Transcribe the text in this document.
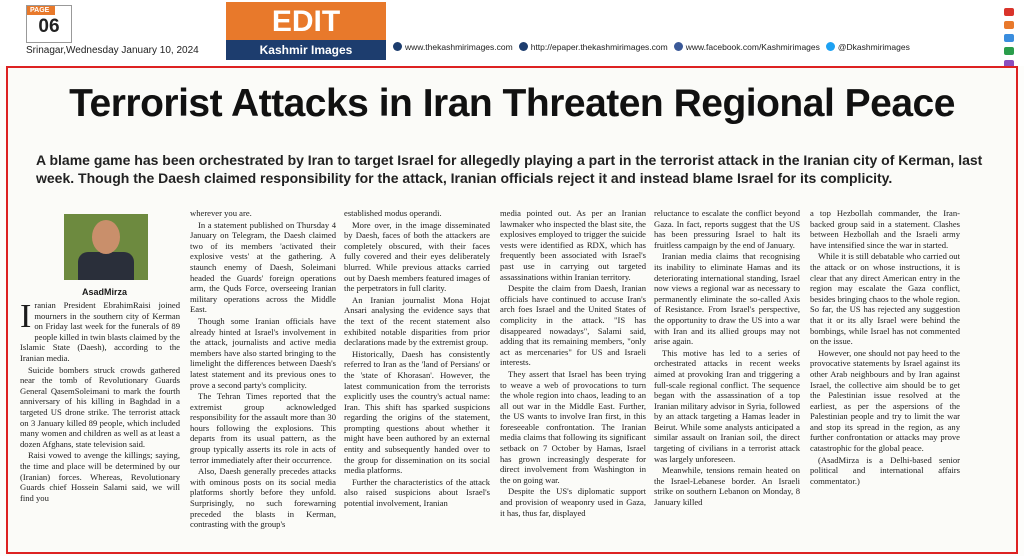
PAGE
06
Srinagar,Wednesday January 10, 2024
EDIT
Kashmir Images	www.thekashmirimages.com http://epaper.thekashmirimages.com www.facebook.com/Kashmirimages @Dkashmirimages
Terrorist Attacks in Iran Threaten Regional Peace
A blame game has been orchestrated by Iran to target Israel for allegedly playing a part in the terrorist attack in the Iranian city of Kerman, last week. Though the Daesh claimed responsibility for the attack, Iranian officials reject it and instead blame Israel for its complicity.
AsadMirza

Iranian President EbrahimRaisi joined mourners in the southern city of Kerman on Friday last week for the funerals of 89 people killed in twin blasts claimed by the Islamic State (Daesh), according to the Iranian media.

Suicide bombers struck crowds gathered near the tomb of Revolutionary Guards General QasemSoleimani to mark the fourth anniversary of his killing in Baghdad in a targeted US drone strike. The terrorist attack on 3 January killed 89 people, which included many women and children as well as at least a dozen Afghans, state television said.

Raisi vowed to avenge the killings; saying, the time and place will be determined by our (Iranian) forces. Whereas, Revolutionary Guards chief Hossein Salami said, we will find you

wherever you are.

In a statement published on Thursday 4 January on Telegram, the Daesh claimed two of its members 'activated their explosive vests' at the gathering. A staunch enemy of Daesh, Soleimani headed the Guards' foreign operations arm, the Quds Force, overseeing Iranian military operations across the Middle East.

Though some Iranian officials have already hinted at Israel's involvement in the attack, journalists and active media members have also started bringing to the limelight the differences between Daesh's latest statement and its previous ones to prove a second party's complicity.

The Tehran Times reported that the extremist group acknowledged responsibility for the assault more than 30 hours following the explosions. This departs from its usual pattern, as the group typically asserts its role in acts of terror immediately after their occurrence.

Also, Daesh generally precedes attacks with ominous posts on its social media platforms shortly before they unfold. Surprisingly, no such forewarning preceded the blasts in Kerman, contrasting with the group's

established modus operandi.

More over, in the image disseminated by Daesh, faces of both the attackers are completely obscured, with their faces fully covered and their eyes deliberately blurred. While previous attacks carried out by Daesh members featured images of the perpetrators in full clarity.

An Iranian journalist Mona Hojat Ansari analysing the evidence says that the text of the recent statement also exhibited notable disparities from prior declarations made by the extremist group.

Historically, Daesh has consistently referred to Iran as the 'land of Persians' or the 'state of Khorasan'. However, the latest communication from the terrorists explicitly uses the country's actual name: Iran. This shift has sparked suspicions regarding the origins of the statement, prompting questions about whether it might have been authored by an external entity and subsequently handed over to the group for dissemination on its social media platforms.

Further the characteristics of the attack also raised suspicions about Israel's potential involvement, Iranian

media pointed out. As per an Iranian lawmaker who inspected the blast site, the explosives employed to trigger the suicide vests were identified as RDX, which has frequently been associated with Israel's past use in carrying out targeted assassinations within Iranian territory.

Despite the claim from Daesh, Iranian officials have continued to accuse Iran's arch foes Israel and the United States of complicity in the attack. "IS has disappeared nowadays", Salami said, adding that its remaining members, "only act as mercenaries" for US and Israeli interests.

They assert that Israel has been trying to weave a web of provocations to turn the whole region into chaos, leading to an all out war in the Middle East. Further, the US wants to involve Iran first, in this foreseeable confrontation. The Iranian media claims that following its significant setback on 7 October by Hamas, Israel has grown increasingly desperate for direct involvement from Washington in the on going war.

Despite the US's diplomatic support and provision of weaponry used in Gaza, it has, thus far, displayed

reluctance to escalate the conflict beyond Gaza. In fact, reports suggest that the US has been pressuring Israel to halt its fruitless campaign by the end of January.

Iranian media claims that recognising its inability to eliminate Hamas and its deteriorating international standing, Israel now views a regional war as necessary to permanently eliminate the so-called Axis of Resistance. From Israel's perspective, the opportunity to draw the US into a war with Iran and its allied groups may not arise again.

This motive has led to a series of orchestrated attacks in recent weeks aimed at provoking Iran and triggering a full-scale regional conflict. The sequence began with the assassination of a top Iranian military advisor in Syria, followed by an attack targeting a Hamas leader in Beirut. While some analysts anticipated a similar assault on Iranian soil, the direct targeting of civilians in a terrorist attack was largely unforeseen.

Meanwhile, tensions remain heated on the Israel-Lebanese border. An Israeli strike on southern Lebanon on Monday, 8 January killed

a top Hezbollah commander, the Iran-backed group said in a statement. Clashes between Hezbollah and the Israeli army have intensified since the war in started.

While it is still debatable who carried out the attack or on whose instructions, it is clear that any direct American entry in the region may escalate the Gaza conflict, besides bringing chaos to the whole region. So far, the US has rejected any suggestion that it or its ally Israel were behind the bombings, while Israel has not commented on the issue.

However, one should not pay heed to the provocative statements by Israel against its other Arab neighbours and by Iran against Israel, the collective aim should be to get the Palestinian issue resolved at the earliest, as per the aspersions of the Palestinian people and try to limit the war and stop its spread in the region, as any further confrontation or attacks may prove catastrophic for the global peace.

(AsadMirza is a Delhi-based senior political and international affairs commentator.)
